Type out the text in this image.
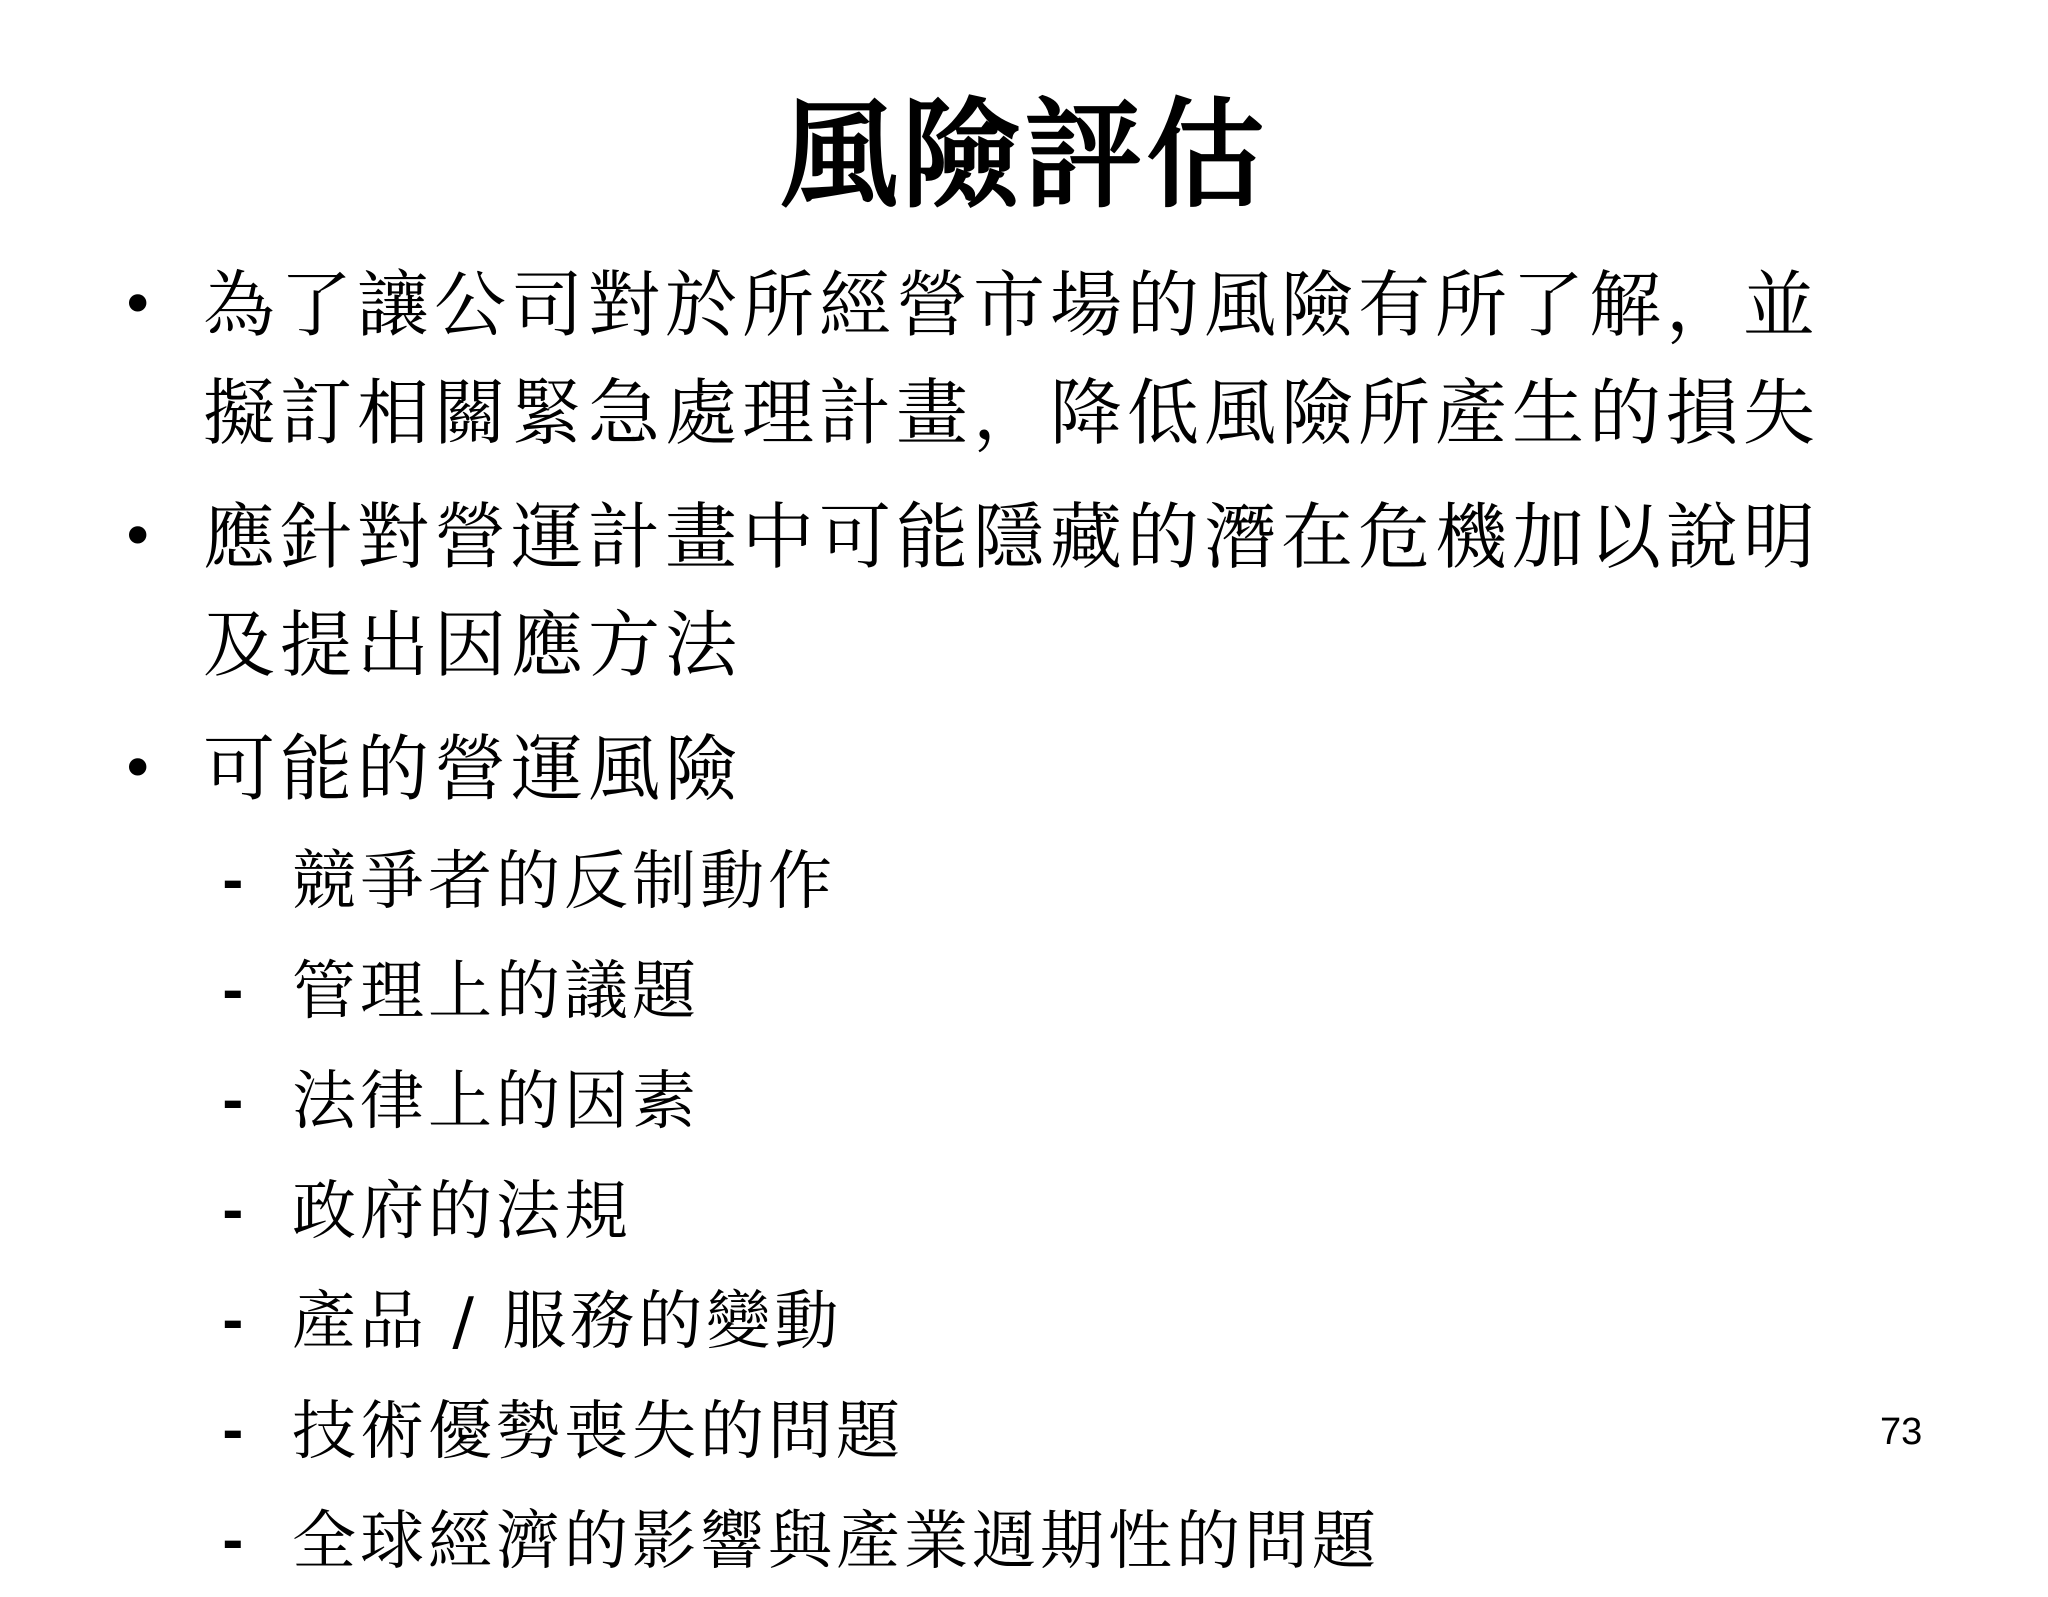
風險評估
• 為了讓公司對於所經營市場的風險有所了解，並
擬訂相關緊急處理計畫，降低風險所產生的損失
• 應針對營運計畫中可能隱藏的潛在危機加以說明
及提出因應方法
• 可能的營運風險
- 競爭者的反制動作
- 管理上的議題
- 法律上的因素
- 政府的法規
- 產品 / 服務的變動
- 技術優勢喪失的問題
- 全球經濟的影響與產業週期性的問題
73
